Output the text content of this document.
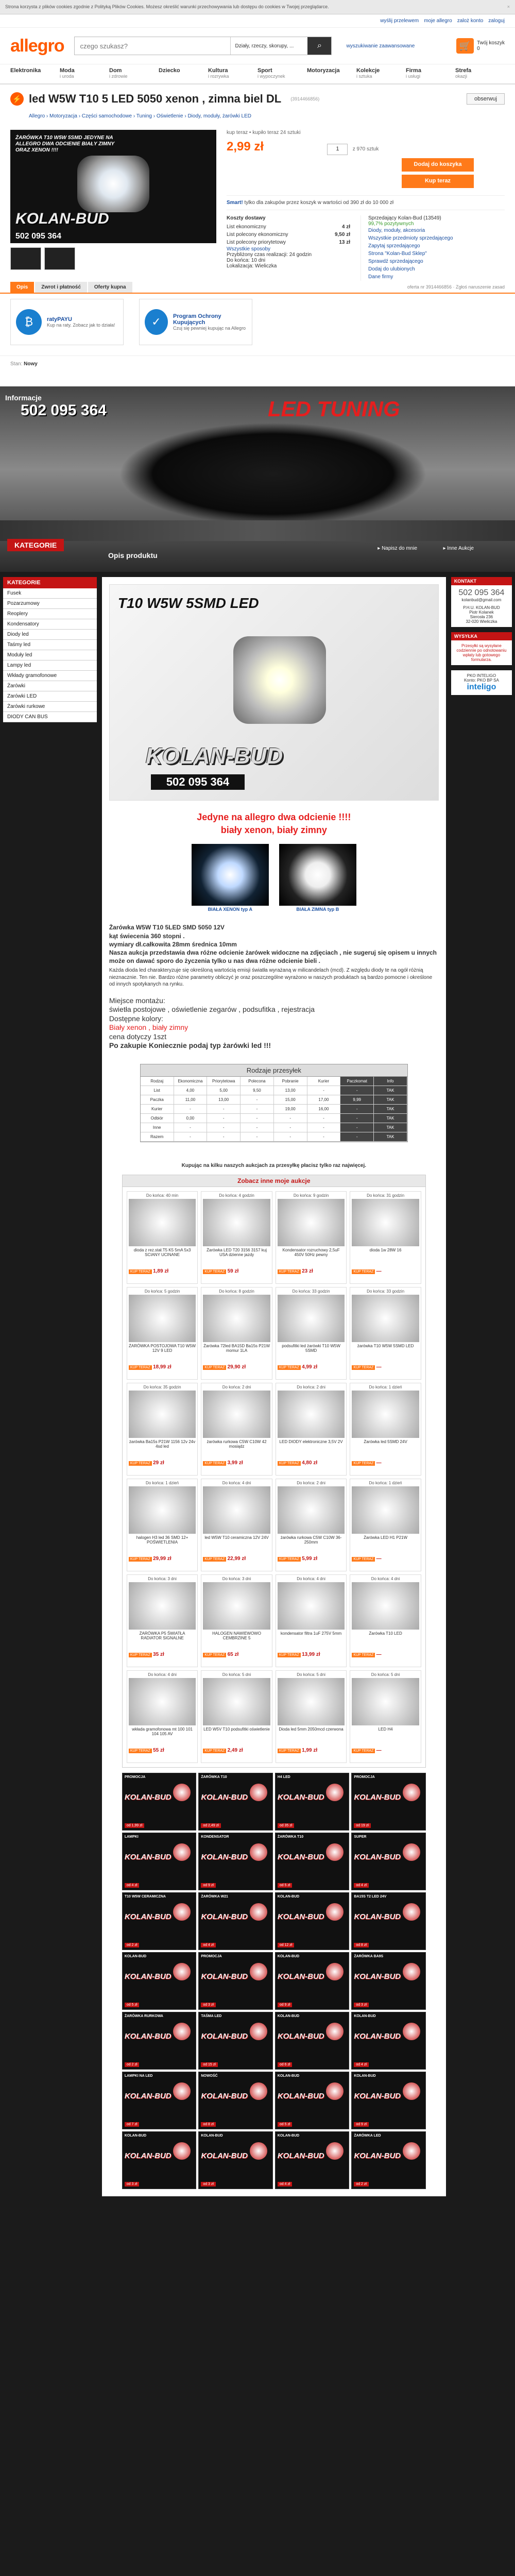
Strona korzysta z plików cookies zgodnie z Polityką Plików Cookies. Możesz określić warunki przechowywania lub dostępu do cookies w Twojej przeglądarce.	×
wyślij przelewem moje allegro zaloż konto zaloguj
allegro
czego szukasz?	Działy, rzeczy, skorupy, ...	⌕	wyszukiwanie zaawansowane	🛒	Twój koszyk
0
Elektronika	Moda
i uroda
Dom
i zdrowie
Dziecko	Kultura
i rozrywka
Sport
i wypoczynek
Motoryzacja	Kolekcje
i sztuka
Firma
i usługi
Strefa
okazji
⚡ led W5W T10 5 LED 5050 xenon , zimna biel DL (3914466856)	obserwuj
Allegro › Motoryzacja › Części samochodowe › Tuning › Oświetlenie › Diody, moduły, żarówki LED
ŻARÓWKA T10 W5W 5SMD JEDYNE NA ALLEGRO DWA ODCIENIE BIAŁY ZIMNY ORAZ XENON !!!!
KOLAN-BUD
502 095 364
kup teraz • kupiło teraz 24 sztuki
2,99 zł	1	z 970 sztuk
Dodaj do koszyka
Kup teraz
Smart! tylko dla zakupów przez koszyk w wartości od 390 zł do 10 000 zł
Koszty dostawy
List ekonomiczny	4 zł
List polecony ekonomiczny	9,50 zł
List polecony priorytetowy	13 zł
Wszystkie sposoby
Przybliżony czas realizacji: 24 godzin
Do końca: 10 dni
Lokalizacja: Wieliczka
Sprzedający Kolan-Bud (13549)
99,7% pozytywnych
Diody, moduły, akcesoria
Wszystkie przedmioty sprzedającego
Zapytaj sprzedającego
Strona "Kolan-Bud Sklep"
Sprawdź sprzedającego
Dodaj do ulubionych
Dane firmy
Opis	Zwrot i płatność	Oferty kupna	oferta nr 3914466856 · Zgłoś naruszenie zasad
₿	ratyPAYU
Kup na raty. Zobacz jak to działa!	✓	Program Ochrony Kupujących
Czuj się pewniej kupując na Allegro
Stan: Nowy
Informacje
502 095 364	LED TUNING
KATEGORIE
Opis produktu
▸ Napisz do mnie	▸ Inne Aukcje
KATEGORIE
Fusek
Pozarzumowy
Reoplery
Kondensatory
Diody led
Taśmy led
Moduły led
Lampy led
Wkłady gramofonowe
Żarówki
Zarówki LED
Żarówki rurkowe
DIODY CAN BUS
T10 W5W 5SMD LED
KOLAN-BUD
502 095 364
Jedyne na allegro dwa odcienie !!!!
biały xenon, biały zimny
BIAŁA XENON typ A	BIAŁA ZIMNA typ B
Żarówka W5W T10 5LED SMD 5050 12V
kąt świecenia 360 stopni .
wymiary dł.całkowita 28mm średnica 10mm
Nasza aukcja przedstawia dwa różne odcienie żarówek widoczne na zdjęciach , nie sugeruj się opisem u innych może on dawać sporo do życzenia tylko u nas dwa różne odcienie bieli .
Każda dioda led charakteryzuje się określoną wartością emisji światła wyrażaną w milicandelach (mcd). Z względu diody te na ogół różnią nieznacznie. Ten nie. Bardzo różne parametry obliczyć je oraz poszczególne wyrażono w naszych produktach są bardzo pomocne i określone od innych spotykanych na rynku.
Miejsce montażu:
świetła postojowe , oświetlenie zegarów , podsufitka , rejestracja
Dostępne kolory:
Biały xenon , biały zimny
cena dotyczy 1szt
Po zakupie Koniecznie podaj typ żarówki led !!!
Rodzaje przesyłek
Rodzaj	Ekonomiczna	Priorytetowa	Polecona	Pobranie	Kurier	Paczkomat	Info
List	4,00	5,00	9,50	13,00	-	-	TAK
Paczka	11,00	13,00	-	15,00	17,00	9,99	TAK
Kurier	-	-	-	19,00	16,00	-	TAK
Odbiór	0,00	-	-	-	-	-	TAK
Inne	-	-	-	-	-	-	TAK
Razem	-	-	-	-	-	-	TAK
Kupując na kilku naszych aukcjach za przesyłkę płacisz tylko raz najwięcej.
Zobacz inne moje aukcje
Do końca: 40 min
dioda z rez.stał.T5 K5 5mA 5x3 SCIANY UCINANE
KUP TERAZ 1,89 zł
Do końca: 4 godzin
Żarówka LED T20 3156 3157 kuj USA dzienne jazdy
KUP TERAZ 59 zł
Do końca: 9 godzin
Kondensator rozruchowy 2,5uF 450V 50Hz pewny
KUP TERAZ 23 zł
Do końca: 31 godzin
dioda 1w 28W 16
KUP TERAZ —
Do końca: 5 godzin
ŻARÓWKA POSTOJOWA T10 W5W 12V 9 LED
KUP TERAZ 18,99 zł
Do końca: 8 godzin
Żarówka 72led BA15D Ba15s P21W momur 1LA
KUP TERAZ 29,90 zł
Do końca: 33 godzin
podsufitki led żarówki T10 W5W 5SMD
KUP TERAZ 4,99 zł
Do końca: 33 godzin
żarówka T10 W5W 5SMD LED
KUP TERAZ —
Do końca: 35 godzin
żarówka Ba15s P21W 1156 12v 24v 4sd led
KUP TERAZ 29 zł
Do końca: 2 dni
żarówka rurkowa C5W C10W 42 mosiądz
KUP TERAZ 3,99 zł
Do końca: 2 dni
LED DIODY elektroniczne 3,5V 2V
KUP TERAZ 4,80 zł
Do końca: 1 dzień
Żarówka led 5SMD 24V
KUP TERAZ —
Do końca: 1 dzień
halogen H3 led 36 SMD 12+ POŚWIETLENIA
KUP TERAZ 29,99 zł
Do końca: 4 dni
led W5W T10 ceramiczna 12V 24V
KUP TERAZ 22,99 zł
Do końca: 2 dni
żarówka rurkowa C5W C10W 36-250mm
KUP TERAZ 5,99 zł
Do końca: 1 dzień
Żarówka LED H1 P21W
KUP TERAZ —
Do końca: 3 dni
ŻARÓWKA P5 ŚWIATŁA RADIATOR SIGNALNE
KUP TERAZ 35 zł
Do końca: 3 dni
HALOGEN NAWIEWOWO CEMBRZINE 5
KUP TERAZ 65 zł
Do końca: 4 dni
kondensator filtra 1uF 275V 5mm
KUP TERAZ 13,99 zł
Do końca: 4 dni
Żarówka T10 LED
KUP TERAZ —
Do końca: 4 dni
wkłada gramofonowa mt 100 101 104 105 AV
KUP TERAZ 55 zł
Do końca: 5 dni
LED W5V T10 podsufitki oświetlenie
KUP TERAZ 2,49 zł
Do końca: 5 dni
Dioda led 5mm 2050mcd czerwona
KUP TERAZ 1,99 zł
Do końca: 5 dni
LED H4
KUP TERAZ —
PROMOCJA
KOLAN-BUD
od 1,99 zł
ŻARÓWKA T10
KOLAN-BUD
od 2,49 zł
H4 LED
KOLAN-BUD
od 35 zł
PROMOCJA
KOLAN-BUD
od 19 zł
LAMPKI
KOLAN-BUD
od 4 zł
KONDENSATOR
KOLAN-BUD
od 9 zł
ŻARÓWKA T10
KOLAN-BUD
od 5 zł
SUPER
KOLAN-BUD
od 4 zł
T10 W5W CERAMICZNA
KOLAN-BUD
od 2 zł
ŻARÓWKA W21
KOLAN-BUD
od 4 zł
KOLAN-BUD
KOLAN-BUD
od 12 zł
BA15S T2 LED 24V
KOLAN-BUD
od 8 zł
KOLAN-BUD
KOLAN-BUD
od 5 zł
PROMOCJA
KOLAN-BUD
od 3 zł
KOLAN-BUD
KOLAN-BUD
od 9 zł
ŻARÓWKA BA9S
KOLAN-BUD
od 3 zł
ŻARÓWKA RURKOWA
KOLAN-BUD
od 2 zł
TAŚMA LED
KOLAN-BUD
od 15 zł
KOLAN-BUD
KOLAN-BUD
od 6 zł
KOLAN-BUD
KOLAN-BUD
od 4 zł
LAMPKI NA LED
KOLAN-BUD
od 7 zł
NOWOŚĆ
KOLAN-BUD
od 8 zł
KOLAN-BUD
KOLAN-BUD
od 5 zł
KOLAN-BUD
KOLAN-BUD
od 9 zł
KOLAN-BUD
KOLAN-BUD
od 3 zł
KOLAN-BUD
KOLAN-BUD
od 3 zł
KOLAN-BUD
KOLAN-BUD
od 4 zł
ŻARÓWKA LED
KOLAN-BUD
od 2 zł
KONTAKT
502 095 364
kolanbud@gmail.com
P.H.U. KOLAN-BUD
Piotr Kolanek
Sierosła 236
32-020 Wieliczka
WYSYŁKA
Przesyłki są wysyłane codziennie po odnotowaniu wpłaty lub gotowego formularza.
PKO INTELIGO
Konto: PKO BP SA
inteligo
